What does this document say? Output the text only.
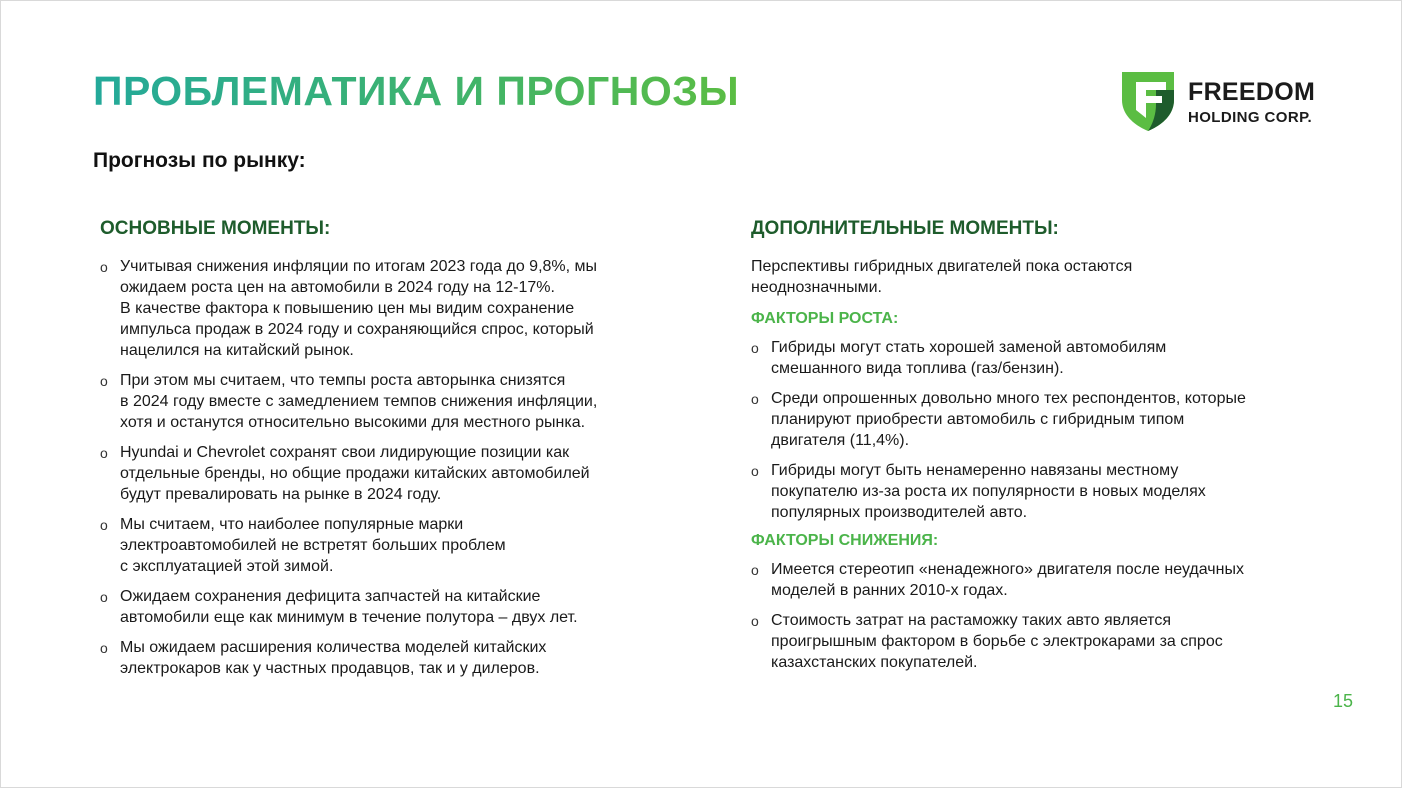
ПРОБЛЕМАТИКА И ПРОГНОЗЫ
Прогнозы по рынку:
FREEDOM
HOLDING CORP.
ОСНОВНЫЕ МОМЕНТЫ:
o Учитывая снижения инфляции по итогам 2023 года до 9,8%, мы
ожидаем роста цен на автомобили в 2024 году на 12-17%.
В качестве фактора к повышению цен мы видим сохранение
импульса продаж в 2024 году и сохраняющийся спрос, который
нацелился на китайский рынок.
o При этом мы считаем, что темпы роста авторынка снизятся
в 2024 году вместе с замедлением темпов снижения инфляции,
хотя и останутся относительно высокими для местного рынка.
o Hyundai и Chevrolet сохранят свои лидирующие позиции как
отдельные бренды, но общие продажи китайских автомобилей
будут превалировать на рынке в 2024 году.
o Мы считаем, что наиболее популярные марки
электроавтомобилей не встретят больших проблем
с эксплуатацией этой зимой.
o Ожидаем сохранения дефицита запчастей на китайские
автомобили еще как минимум в течение полутора – двух лет.
o Мы ожидаем расширения количества моделей китайских
электрокаров как у частных продавцов, так и у дилеров.
ДОПОЛНИТЕЛЬНЫЕ МОМЕНТЫ:
Перспективы гибридных двигателей пока остаются
неоднозначными.
ФАКТОРЫ РОСТА:
o Гибриды могут стать хорошей заменой автомобилям
смешанного вида топлива (газ/бензин).
o Среди опрошенных довольно много тех респондентов, которые
планируют приобрести автомобиль с гибридным типом
двигателя (11,4%).
o Гибриды могут быть ненамеренно навязаны местному
покупателю из-за роста их популярности в новых моделях
популярных производителей авто.
ФАКТОРЫ СНИЖЕНИЯ:
o Имеется стереотип «ненадежного» двигателя после неудачных
моделей в ранних 2010-х годах.
o Стоимость затрат на растаможку таких авто является
проигрышным фактором в борьбе с электрокарами за спрос
казахстанских покупателей.
15
